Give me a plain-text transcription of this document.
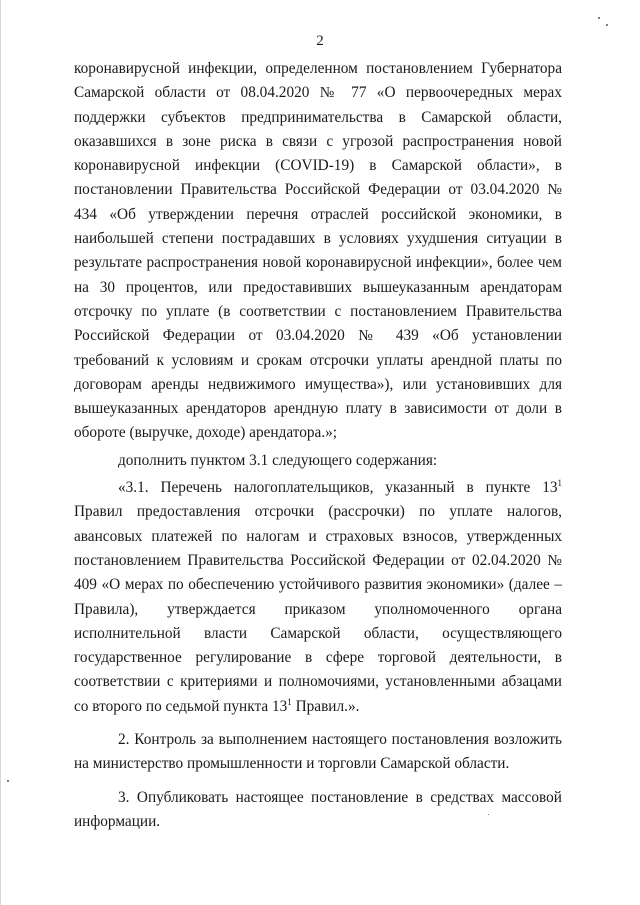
2

коронавирусной инфекции, определенном постановлением Губернатора Самарской области от 08.04.2020 № 77 «О первоочередных мерах поддержки субъектов предпринимательства в Самарской области, оказавшихся в зоне риска в связи с угрозой распространения новой коронавирусной инфекции (COVID-19) в Самарской области», в постановлении Правительства Российской Федерации от 03.04.2020 № 434 «Об утверждении перечня отраслей российской экономики, в наибольшей степени пострадавших в условиях ухудшения ситуации в результате распространения новой коронавирусной инфекции», более чем на 30 процентов, или предоставивших вышеуказанным арендаторам отсрочку по уплате (в соответствии с постановлением Правительства Российской Федерации от 03.04.2020 № 439 «Об установлении требований к условиям и срокам отсрочки уплаты арендной платы по договорам аренды недвижимого имущества»), или установивших для вышеуказанных арендаторов арендную плату в зависимости от доли в обороте (выручке, доходе) арендатора.»;

дополнить пунктом 3.1 следующего содержания:

«3.1. Перечень налогоплательщиков, указанный в пункте $13^1$ Правил предоставления отсрочки (рассрочки) по уплате налогов, авансовых платежей по налогам и страховых взносов, утвержденных постановлением Правительства Российской Федерации от 02.04.2020 № 409 «О мерах по обеспечению устойчивого развития экономики» (далее – Правила), утверждается приказом уполномоченного органа исполнительной власти Самарской области, осуществляющего государственное регулирование в сфере торговой деятельности, в соответствии с критериями и полномочиями, установленными абзацами со второго по седьмой пункта $13^1$ Правил.».

2. Контроль за выполнением настоящего постановления возложить на министерство промышленности и торговли Самарской области.

3. Опубликовать настоящее постановление в средствах массовой информации.
